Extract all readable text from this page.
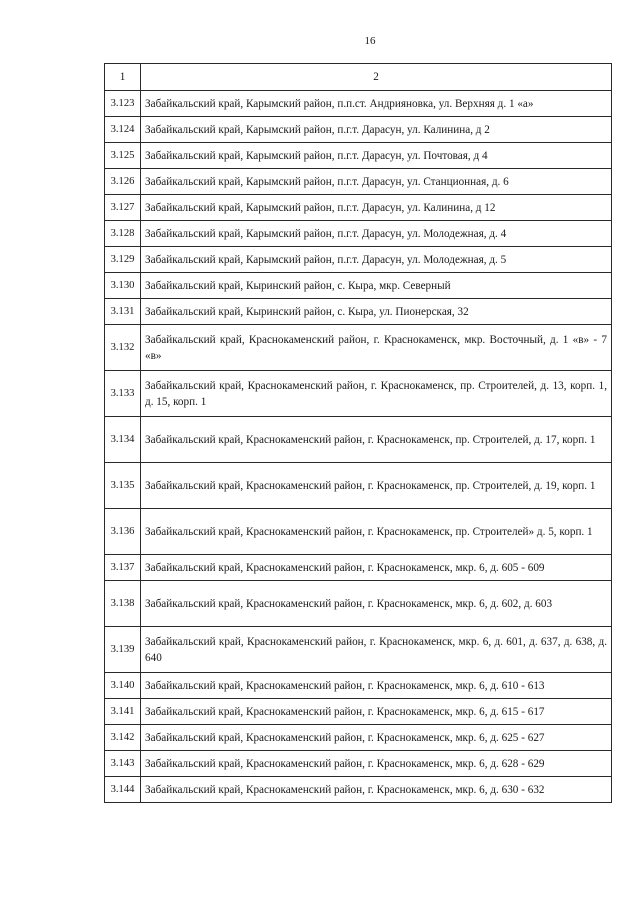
16
1	2
3.123	Забайкальский край, Карымский район, п.п.ст. Андрияновка, ул. Верхняя д. 1 «а»
3.124	Забайкальский край, Карымский район, п.г.т. Дарасун, ул. Калинина, д 2
3.125	Забайкальский край, Карымский район, п.г.т. Дарасун, ул. Почтовая, д 4
3.126	Забайкальский край, Карымский район, п.г.т. Дарасун, ул. Станционная, д. 6
3.127	Забайкальский край, Карымский район, п.г.т. Дарасун, ул. Калинина, д 12
3.128	Забайкальский край, Карымский район, п.г.т. Дарасун, ул. Молодежная, д. 4
3.129	Забайкальский край, Карымский район, п.г.т. Дарасун, ул. Молодежная, д. 5
3.130	Забайкальский край, Кыринский район, с. Кыра, мкр. Северный
3.131	Забайкальский край, Кыринский район, с. Кыра, ул. Пионерская, 32
3.132	Забайкальский край, Краснокаменский район, г. Краснокаменск, мкр. Восточный, д. 1 «в» - 7 «в»
3.133	Забайкальский край, Краснокаменский район, г. Краснокаменск, пр. Строителей, д. 13, корп. 1, д. 15, корп. 1
3.134	Забайкальский край, Краснокаменский район, г. Краснокаменск, пр. Строителей, д. 17, корп. 1
3.135	Забайкальский край, Краснокаменский район, г. Краснокаменск, пр. Строителей, д. 19, корп. 1
3.136	Забайкальский край, Краснокаменский район, г. Краснокаменск, пр. Строителей» д. 5, корп. 1
3.137	Забайкальский край, Краснокаменский район, г. Краснокаменск, мкр. 6, д. 605 - 609
3.138	Забайкальский край, Краснокаменский район, г. Краснокаменск, мкр. 6, д. 602, д. 603
3.139	Забайкальский край, Краснокаменский район, г. Краснокаменск, мкр. 6, д. 601, д. 637, д. 638, д. 640
3.140	Забайкальский край, Краснокаменский район, г. Краснокаменск, мкр. 6, д. 610 - 613
3.141	Забайкальский край, Краснокаменский район, г. Краснокаменск, мкр. 6, д. 615 - 617
3.142	Забайкальский край, Краснокаменский район, г. Краснокаменск, мкр. 6, д. 625 - 627
3.143	Забайкальский край, Краснокаменский район, г. Краснокаменск, мкр. 6, д. 628 - 629
3.144	Забайкальский край, Краснокаменский район, г. Краснокаменск, мкр. 6, д. 630 - 632
